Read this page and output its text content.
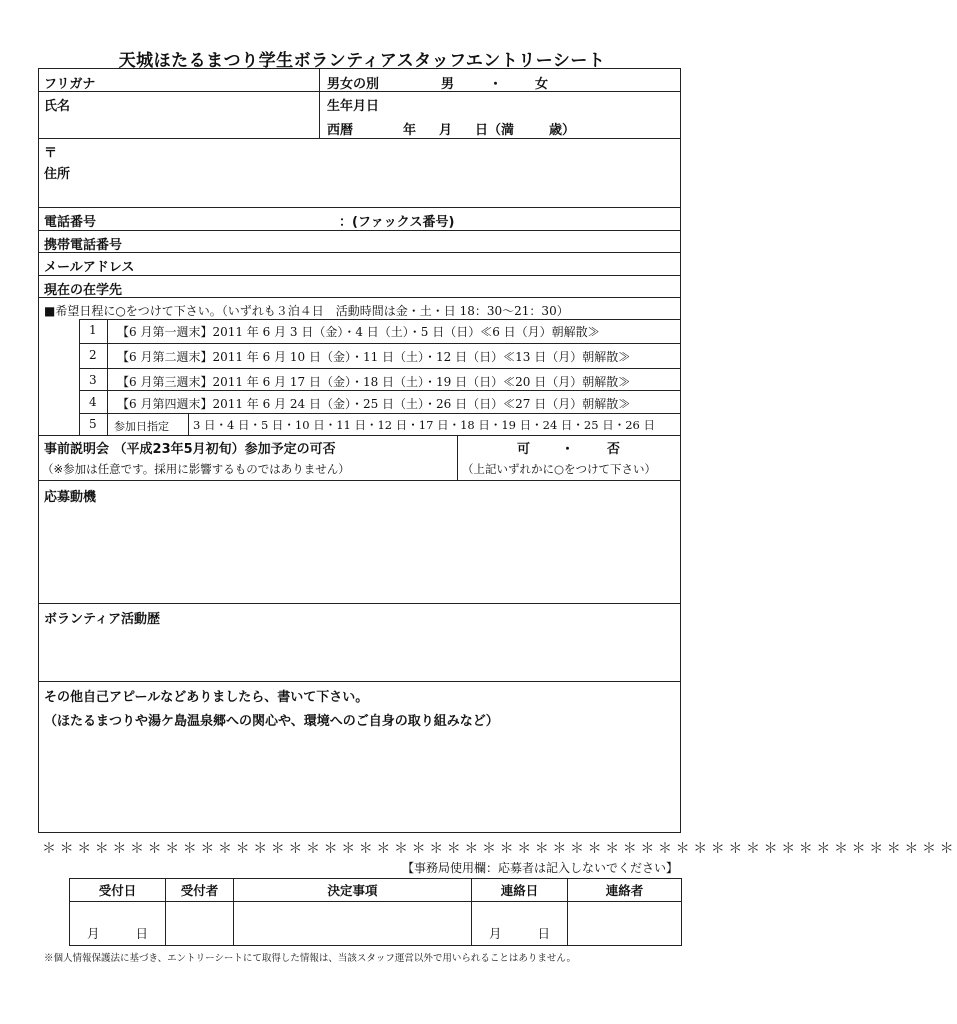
天城ほたるまつり学生ボランティアスタッフエントリーシート
フリガナ	男女の別	男	・	女
氏名	生年月日
西暦	年 月 日（満	歳）
〒
住所
電話番号	：(ファックス番号)
携帯電話番号
メールアドレス
現在の在学先
■希望日程に○をつけて下さい。（いずれも３泊４日　活動時間は金・土・日 18：30〜21：30）
1 【6 月第一週末】2011 年 6 月 3 日（金）・4 日（土）・5 日（日）≪6 日（月）朝解散≫
2 【6 月第二週末】2011 年 6 月 10 日（金）・11 日（土）・12 日（日）≪13 日（月）朝解散≫
3 【6 月第三週末】2011 年 6 月 17 日（金）・18 日（土）・19 日（日）≪20 日（月）朝解散≫
4 【6 月第四週末】2011 年 6 月 24 日（金）・25 日（土）・26 日（日）≪27 日（月）朝解散≫
5 参加日指定 3 日・4 日・5 日・10 日・11 日・12 日・17 日・18 日・19 日・24 日・25 日・26 日
事前説明会 （平成23年5月初旬）参加予定の可否
（※参加は任意です。採用に影響するものではありません）
可 ・	否
（上記いずれかに○をつけて下さい）
応募動機
ボランティア活動歴
その他自己アピールなどありましたら、書いて下さい。
（ほたるまつりや湯ケ島温泉郷への関心や、環境へのご自身の取り組みなど）
＊＊＊＊＊＊＊＊＊＊＊＊＊＊＊＊＊＊＊＊＊＊＊＊＊＊＊＊＊＊＊＊＊＊＊＊＊＊＊＊＊＊＊＊＊＊＊＊＊＊＊＊
【事務局使用欄：応募者は記入しないでください】
受付日	受付者	決定事項	連絡日	連絡者
月 日			月 日	
※個人情報保護法に基づき、エントリーシートにて取得した情報は、当該スタッフ運営以外で用いられることはありません。
